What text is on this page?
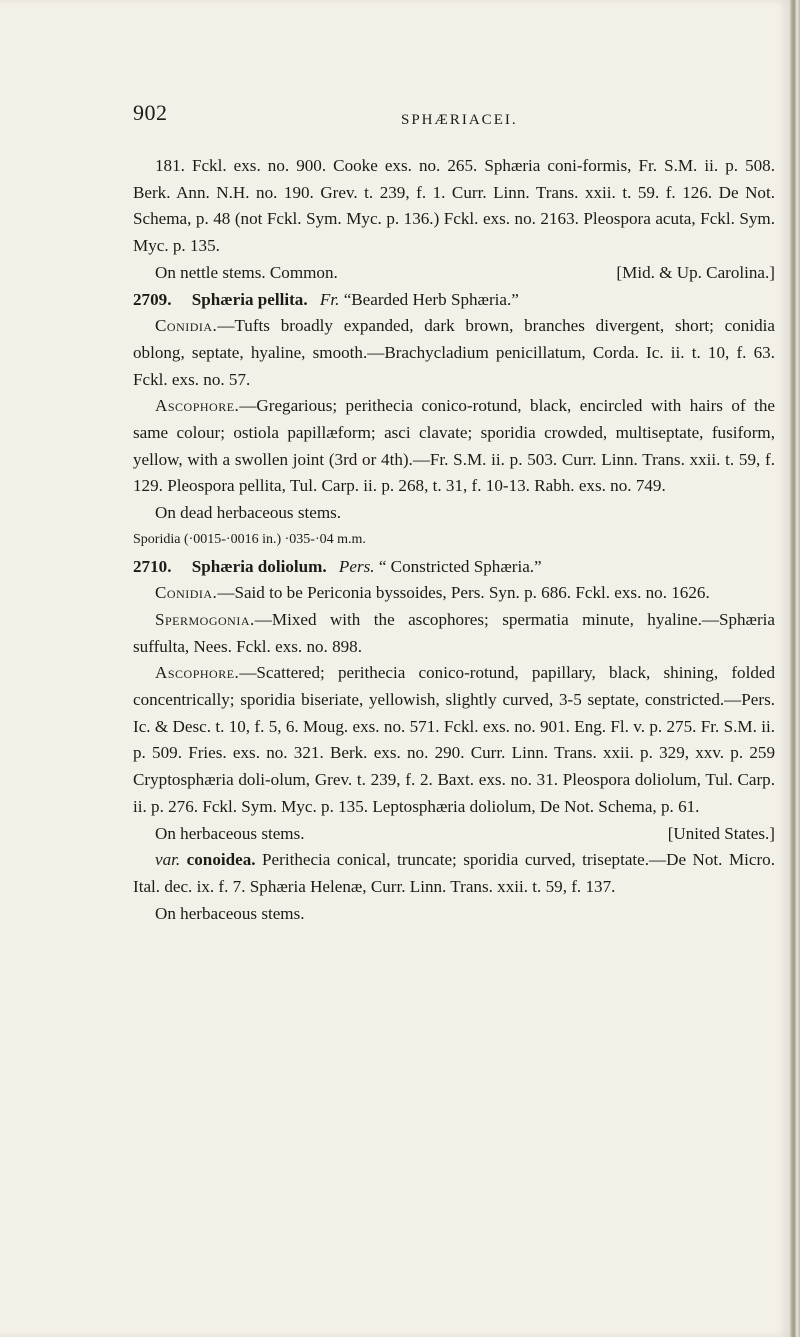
902	SPHÆRIACEI.

181. Fckl. exs. no. 900. Cooke exs. no. 265. Sphæria coni-formis, Fr. S.M. ii. p. 508. Berk. Ann. N.H. no. 190. Grev. t. 239, f. 1. Curr. Linn. Trans. xxii. t. 59. f. 126. De Not. Schema, p. 48 (not Fckl. Sym. Myc. p. 136.) Fckl. exs. no. 2163. Pleospora acuta, Fckl. Sym. Myc. p. 135.

On nettle stems. Common.	[Mid. & Up. Carolina.]

2709. Sphæria pellita. Fr. “Bearded Herb Sphæria.”

Conidia.—Tufts broadly expanded, dark brown, branches divergent, short; conidia oblong, septate, hyaline, smooth.—Brachycladium penicillatum, Corda. Ic. ii. t. 10, f. 63. Fckl. exs. no. 57.

Ascophore.—Gregarious; perithecia conico-rotund, black, encircled with hairs of the same colour; ostiola papillæform; asci clavate; sporidia crowded, multiseptate, fusiform, yellow, with a swollen joint (3rd or 4th).—Fr. S.M. ii. p. 503. Curr. Linn. Trans. xxii. t. 59, f. 129. Pleospora pellita, Tul. Carp. ii. p. 268, t. 31, f. 10-13. Rabh. exs. no. 749.

On dead herbaceous stems.

Sporidia (·0015-·0016 in.) ·035-·04 m.m.

2710. Sphæria doliolum. Pers. “ Constricted Sphæria.”

Conidia.—Said to be Periconia byssoides, Pers. Syn. p. 686. Fckl. exs. no. 1626.

Spermogonia.—Mixed with the ascophores; spermatia minute, hyaline.—Sphæria suffulta, Nees. Fckl. exs. no. 898.

Ascophore.—Scattered; perithecia conico-rotund, papillary, black, shining, folded concentrically; sporidia biseriate, yellowish, slightly curved, 3-5 septate, constricted.—Pers. Ic. & Desc. t. 10, f. 5, 6. Moug. exs. no. 571. Fckl. exs. no. 901. Eng. Fl. v. p. 275. Fr. S.M. ii. p. 509. Fries. exs. no. 321. Berk. exs. no. 290. Curr. Linn. Trans. xxii. p. 329, xxv. p. 259 Cryptosphæria doli-olum, Grev. t. 239, f. 2. Baxt. exs. no. 31. Pleospora doliolum, Tul. Carp. ii. p. 276. Fckl. Sym. Myc. p. 135. Leptosphæria doliolum, De Not. Schema, p. 61.

On herbaceous stems.	[United States.]

var. conoidea. Perithecia conical, truncate; sporidia curved, triseptate.—De Not. Micro. Ital. dec. ix. f. 7. Sphæria Helenæ, Curr. Linn. Trans. xxii. t. 59, f. 137.

On herbaceous stems.
